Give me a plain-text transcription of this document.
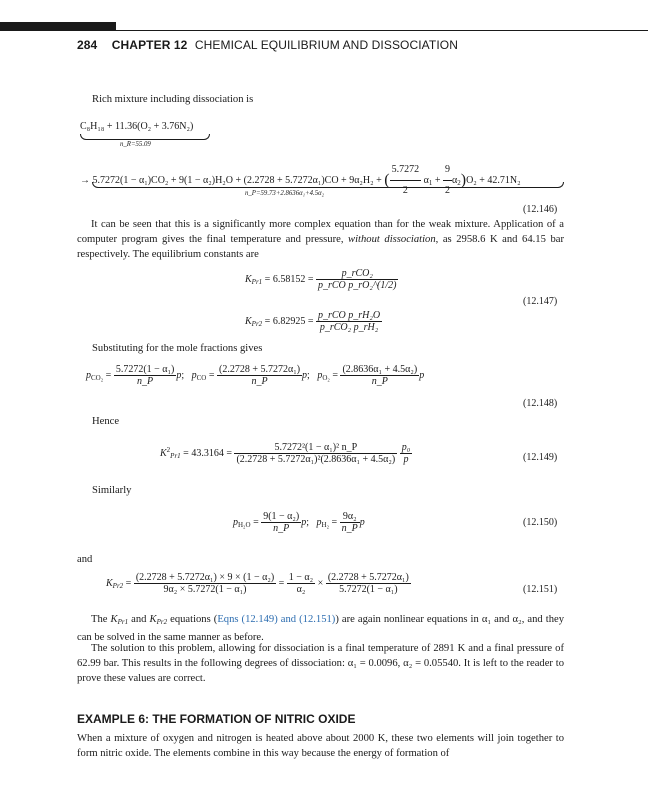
284 CHAPTER 12 CHEMICAL EQUILIBRIUM AND DISSOCIATION
Rich mixture including dissociation is
C₈H₁₈ + 11.36(O₂ + 3.76N₂)
n_R=55.09
→ 5.7272(1 − α₁)CO₂ + 9(1 − α₂)H₂O + (2.2728 + 5.7272α₁)CO + 9α₂H₂ + ( $\frac{5.7272}{2} \alpha_1 + \frac{9}{2} \alpha_2)O_2 + 42.71N_2$
n_P=59.73+2.8636α₁+4.5α₂
(12.146)
It can be seen that this is a significantly more complex equation than for the weak mixture. Application of a computer program gives the final temperature and pressure, without dissociation, as 2958.6 K and 64.15 bar respectively. The equilibrium constants are
$K_{Pr1} = 6.58152 = \frac{\text{p\_rCO₂}}{\text{p\_rCO p\_rO₂\textasciicircum{}(1/2)}}$
(12.147)
$K_{Pr2} = 6.82925 = \frac{\text{p\_rCO p\_rH₂O}}{\text{p\_rCO₂ p\_rH₂}}$
Substituting for the mole fractions gives
$p_{CO_2} = \frac{\text{5.7272(1 − α₁)}}{n\_P} p$;   $p_{CO} = \frac{\text{(2.2728 + 5.7272α₁)}}{n\_P} p$;   $p_{O_2} = \frac{\text{(2.8636α₁ + 4.5α₂)}}{n\_P}$ p
(12.148)
Hence
$K^2_{Pr1} = 43.3164 = \frac{\text{5.7272²(1 − α₁)² n\_P}}{\text{(2.2728 + 5.7272α₁)²(2.8636α₁ + 4.5α₂)}}$
$\frac{\text{p₀}}{p}$	(12.149)
Similarly
$p_{H_2O} = \frac{\text{9(1 − α₂)}}{n\_P} p$;   $p_{H_2} = \frac{\text{9α₂}}{n\_P}$ p	(12.150)
and
$K_{Pr2} = \frac{\text{(2.2728 + 5.7272α₁) × 9 × (1 − α₂)}}{\text{9α₂ × 5.7272(1 − α₁)}} = \frac{\text{1 − α₂}}{\text{α₂}} \times \frac{\text{(2.2728 + 5.7272α₁)}}{\text{5.7272(1 − α₁)}}$	(12.151)
The $K_{Pr1}$ and $K_{Pr2}$ equations (Eqns (12.149) and (12.151)) are again nonlinear equations in α₁ and α₂, and they can be solved in the same manner as before.
The solution to this problem, allowing for dissociation is a final temperature of 2891 K and a final pressure of 62.99 bar. This results in the following degrees of dissociation: α₁ = 0.0096, α₂ = 0.05540. It is left to the reader to prove these values are correct.
EXAMPLE 6: THE FORMATION OF NITRIC OXIDE
When a mixture of oxygen and nitrogen is heated above about 2000 K, these two elements will join together to form nitric oxide. The elements combine in this way because the energy of formation of
